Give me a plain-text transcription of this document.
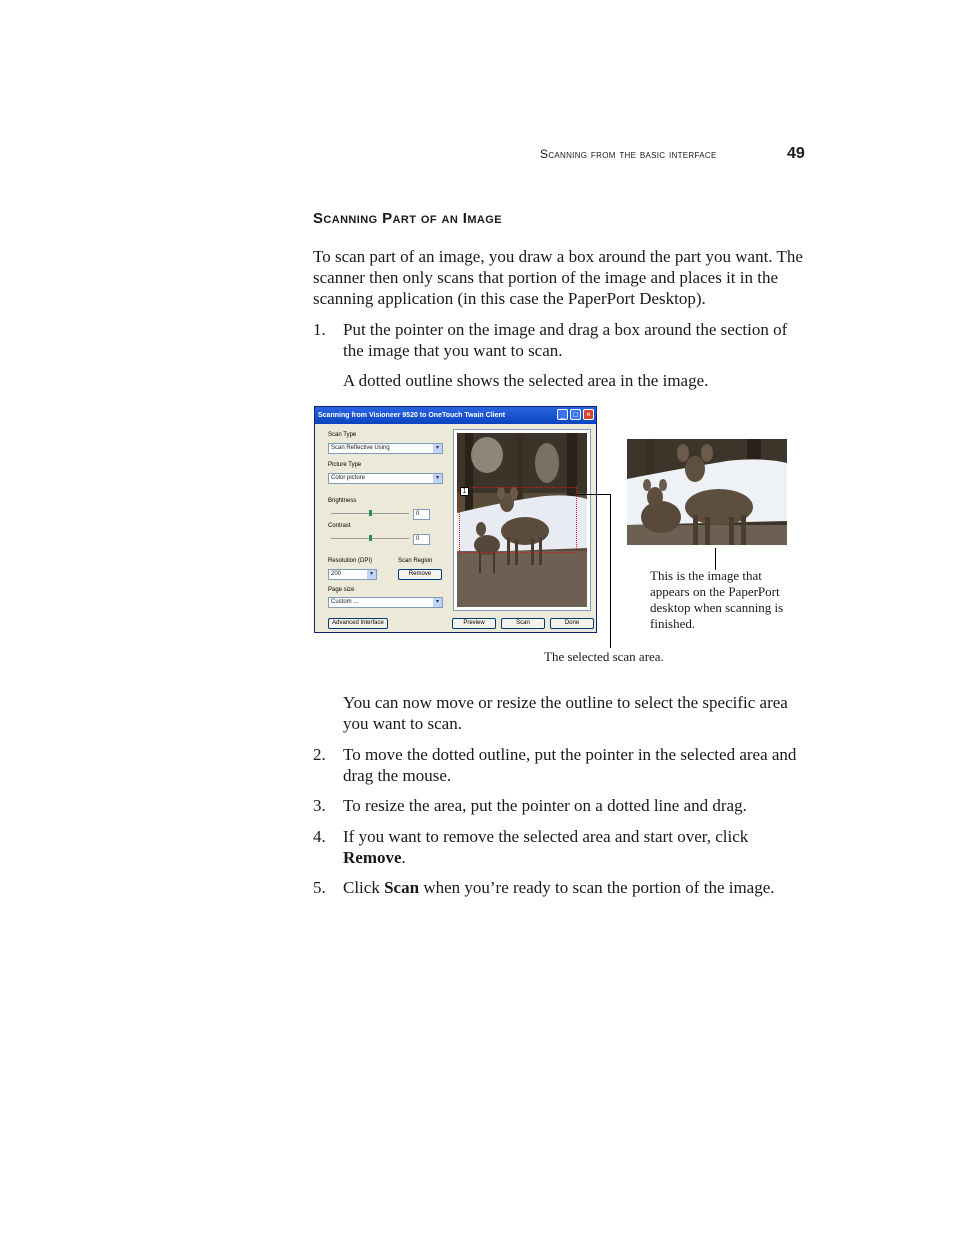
Scanning from the basic interface	49
Scanning Part of an Image
To scan part of an image, you draw a box around the part you want. The scanner then only scans that portion of the image and places it in the scanning application (in this case the PaperPort Desktop).
1. Put the pointer on the image and drag a box around the section of the image that you want to scan.
A dotted outline shows the selected area in the image.
Scanning from Visioneer 9520 to OneTouch Twain Client	_	□	×
Scan Type
Scan Reflective Using	▾
Picture Type
Color picture	▾
Brightness
0
Contrast
0
Resolution (DPI)	Scan Region
200	▾	Remove
Page size
Custom ...	▾
1
Advanced Interface	Preview	Scan	Done
This is the image that appears on the PaperPort desktop when scanning is finished.
The selected scan area.
You can now move or resize the outline to select the specific area you want to scan.
2. To move the dotted outline, put the pointer in the selected area and drag the mouse.
3. To resize the area, put the pointer on a dotted line and drag.
4. If you want to remove the selected area and start over, click Remove.
5. Click Scan when you’re ready to scan the portion of the image.
